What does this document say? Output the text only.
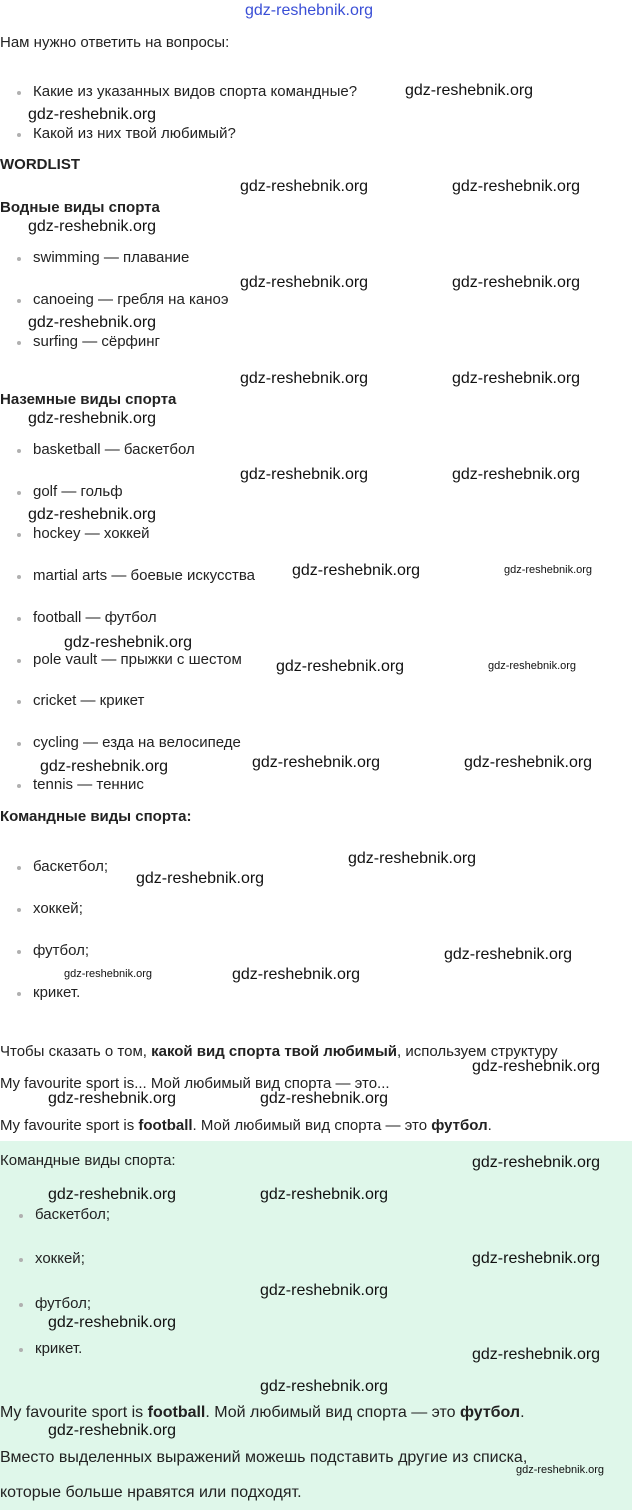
Нам нужно ответить на вопросы:
Какие из указанных видов спорта командные?
Какой из них твой любимый?
WORDLIST
Водные виды спорта
swimming — плавание
canoeing — гребля на каноэ
surfing — сёрфинг
Наземные виды спорта
basketball — баскетбол
golf — гольф
hockey — хоккей
martial arts — боевые искусства
football — футбол
pole vault — прыжки с шестом
cricket — крикет
cycling — езда на велосипеде
tennis — теннис
Командные виды спорта:
баскетбол;
хоккей;
футбол;
крикет.
Чтобы сказать о том, какой вид спорта твой любимый, используем структуру
My favourite sport is... Мой любимый вид спорта — это...
My favourite sport is football. Мой любимый вид спорта — это футбол.
Командные виды спорта:
баскетбол;
хоккей;
футбол;
крикет.
My favourite sport is football. Мой любимый вид спорта — это футбол.
Вместо выделенных выражений можешь подставить другие из списка,
которые больше нравятся или подходят.
gdz-reshebnik.org
gdz-reshebnik.org
gdz-reshebnik.org
gdz-reshebnik.org	gdz-reshebnik.org
gdz-reshebnik.org
gdz-reshebnik.org	gdz-reshebnik.org
gdz-reshebnik.org
gdz-reshebnik.org	gdz-reshebnik.org
gdz-reshebnik.org
gdz-reshebnik.org	gdz-reshebnik.org
gdz-reshebnik.org
gdz-reshebnik.org	gdz-reshebnik.org
gdz-reshebnik.org
gdz-reshebnik.org	gdz-reshebnik.org
gdz-reshebnik.org	gdz-reshebnik.org
gdz-reshebnik.org
gdz-reshebnik.org
gdz-reshebnik.org
gdz-reshebnik.org
gdz-reshebnik.org	gdz-reshebnik.org
gdz-reshebnik.org
gdz-reshebnik.org	gdz-reshebnik.org
gdz-reshebnik.org
gdz-reshebnik.org	gdz-reshebnik.org
gdz-reshebnik.org
gdz-reshebnik.org
gdz-reshebnik.org
gdz-reshebnik.org
gdz-reshebnik.org
gdz-reshebnik.org
gdz-reshebnik.org
